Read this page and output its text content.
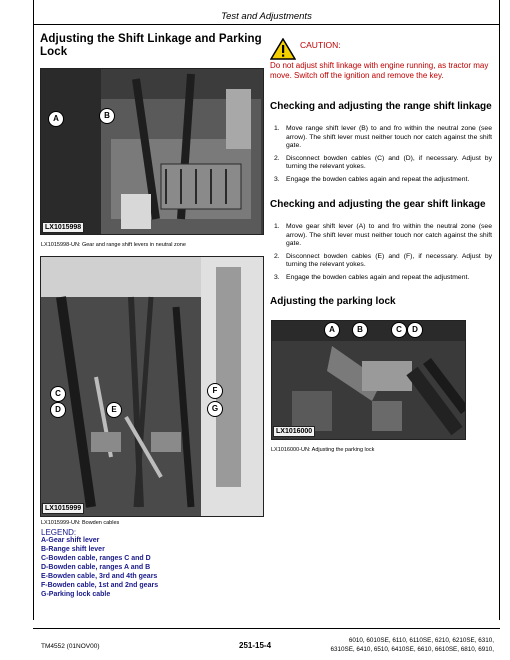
Test and Adjustments
Adjusting the Shift Linkage and Parking Lock
A	B
LX1015998
LX1015998-UN: Gear and range shift levers in neutral zone
C
D	E
F
G
LX1015999
LX1015999-UN: Bowden cables
LEGEND:
A-Gear shift lever
B-Range shift lever
C-Bowden cable, ranges C and D
D-Bowden cable, ranges A and B
E-Bowden cable, 3rd and 4th gears
F-Bowden cable, 1st and 2nd gears
G-Parking lock cable
CAUTION:
Do not adjust shift linkage with engine running, as tractor may move. Switch off the ignition and remove the key.
Checking and adjusting the range shift linkage
1. Move range shift lever (B) to and fro within the neutral zone (see arrow). The shift lever must neither touch nor catch against the shift gate.
2. Disconnect bowden cables (C) and (D), if necessary. Adjust by turning the relevant yokes.
3. Engage the bowden cables again and repeat the adjustment.
Checking and adjusting the gear shift linkage
1. Move gear shift lever (A) to and fro within the neutral zone (see arrow). The shift lever must neither touch nor catch against the shift gate.
2. Disconnect bowden cables (E) and (F), if necessary. Adjust by turning the relevant yokes.
3. Engage the bowden cables again and repeat the adjustment.
Adjusting the parking lock
A	B	C	D
LX1016000
LX1016000-UN: Adjusting the parking lock
TM4552 (01NOV00)	251-15-4
6010, 6010SE, 6110, 6110SE, 6210, 6210SE, 6310,
6310SE, 6410, 6510, 6410SE, 6610, 6610SE, 6810, 6910,
